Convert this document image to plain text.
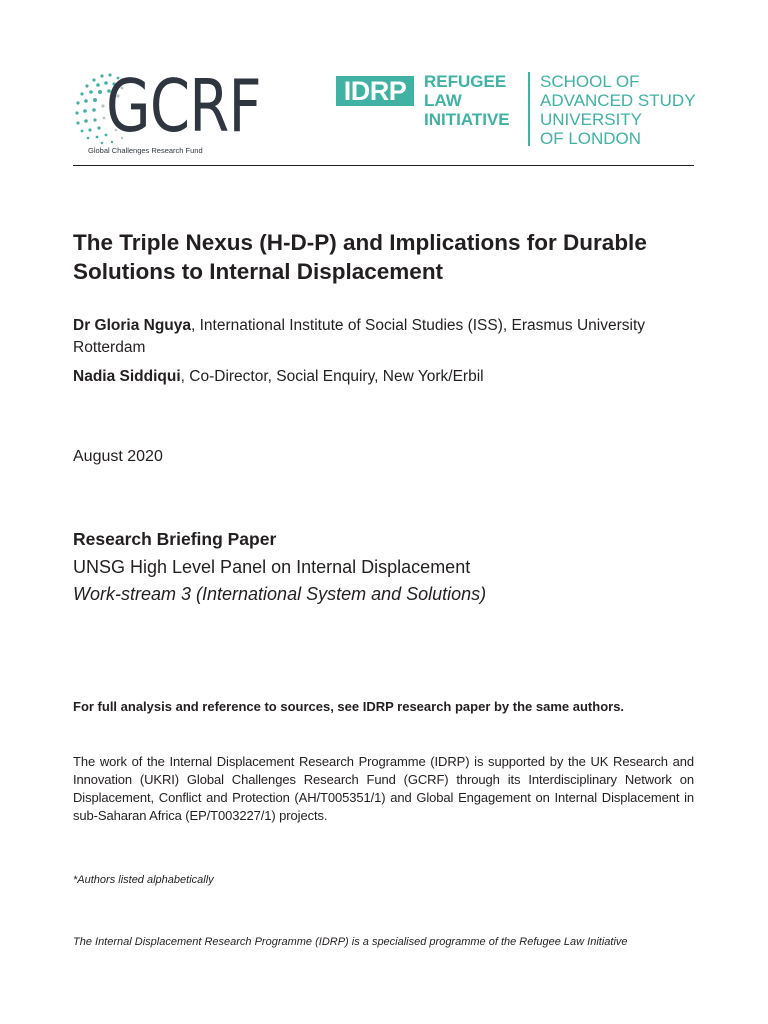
GCRF
Global Challenges Research Fund
IDRP	REFUGEE
LAW
INITIATIVE
SCHOOL OF
ADVANCED STUDY
UNIVERSITY
OF LONDON
The Triple Nexus (H-D-P) and Implications for Durable Solutions to Internal Displacement
Dr Gloria Nguya, International Institute of Social Studies (ISS), Erasmus University Rotterdam
Nadia Siddiqui, Co-Director, Social Enquiry, New York/Erbil
August 2020
Research Briefing Paper
UNSG High Level Panel on Internal Displacement
Work-stream 3 (International System and Solutions)
For full analysis and reference to sources, see IDRP research paper by the same authors.
The work of the Internal Displacement Research Programme (IDRP) is supported by the UK Research and Innovation (UKRI) Global Challenges Research Fund (GCRF) through its Interdisciplinary Network on Displacement, Conflict and Protection (AH/T005351/1) and Global Engagement on Internal Displacement in sub-Saharan Africa (EP/T003227/1) projects.
*Authors listed alphabetically
The Internal Displacement Research Programme (IDRP) is a specialised programme of the Refugee Law Initiative
